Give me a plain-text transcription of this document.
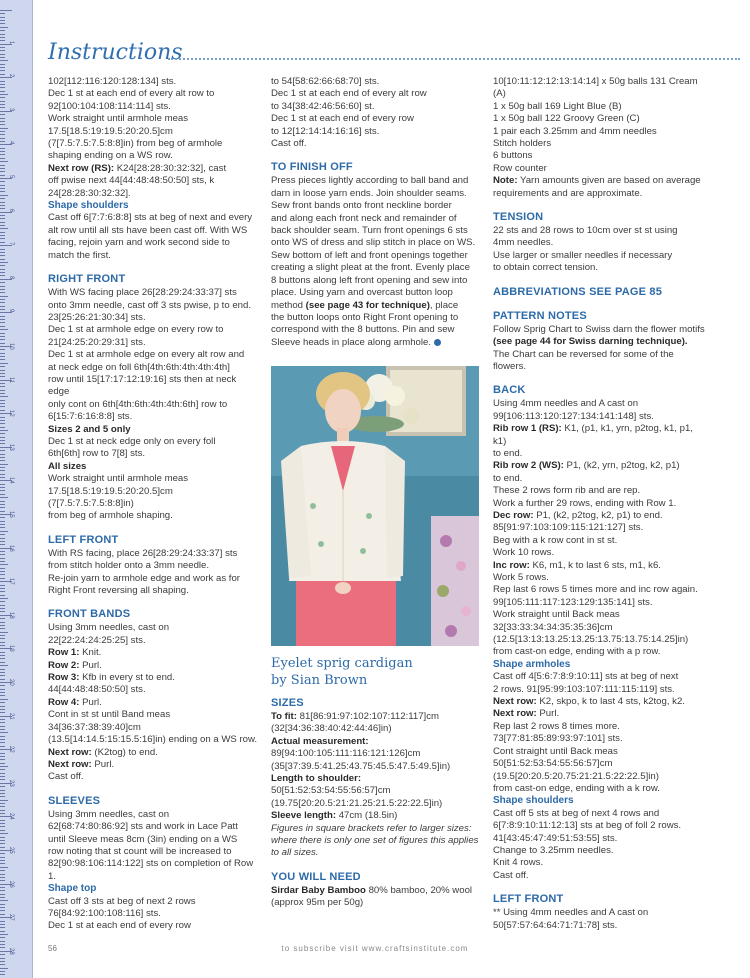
1
2
3
4
5
6
7
8
9
10
11
12
13
14
15
16
17
18
19
20
21
22
23
24
25
26
27
28
Instructions

102[112:116:120:128:134] sts.

Dec 1 st at each end of every alt row to

92[100:104:108:114:114] sts.

Work straight until armhole meas

17.5[18.5:19:19.5:20:20.5]cm

(7[7.5:7.5:7.5:8:8]in) from beg of armhole

shaping ending on a WS row.

Next row (RS): K24[28:28:30:32:32], cast

off pwise next 44[44:48:48:50:50] sts, k

24[28:28:30:32:32].

Shape shoulders

Cast off 6[7:7:6:8:8] sts at beg of next and every

alt row until all sts have been cast off. With WS

facing, rejoin yarn and work second side to

match the first.

RIGHT FRONT

With WS facing place 26[28:29:24:33:37] sts

onto 3mm needle, cast off 3 sts pwise, p to end.

23[25:26:21:30:34] sts.

Dec 1 st at armhole edge on every row to

21[24:25:20:29:31] sts.

Dec 1 st at armhole edge on every alt row and

at neck edge on foll 6th[4th:6th:4th:4th:4th]

row until 15[17:17:12:19:16] sts then at neck edge

only cont on 6th[4th:6th:4th:4th:6th] row to

6[15:7:6:16:8:8] sts.

Sizes 2 and 5 only

Dec 1 st at neck edge only on every foll

6th[6th] row to 7[8] sts.

All sizes

Work straight until armhole meas

17.5[18.5:19:19.5:20:20.5]cm (7[7.5:7.5:7.5:8:8]in)

from beg of armhole shaping.

LEFT FRONT

With RS facing, place 26[28:29:24:33:37] sts

from stitch holder onto a 3mm needle.

Re-join yarn to armhole edge and work as for

Right Front reversing all shaping.

FRONT BANDS

Using 3mm needles, cast on

22[22:24:24:25:25] sts.

Row 1: Knit.

Row 2: Purl.

Row 3: Kfb in every st to end.

44[44:48:48:50:50] sts.

Row 4: Purl.

Cont in st st until Band meas

34[36:37:38:39:40]cm

(13.5[14:14.5:15:15.5:16]in) ending on a WS row.

Next row: (K2tog) to end.

Next row: Purl.

Cast off.

SLEEVES

Using 3mm needles, cast on

62[68:74:80:86:92] sts and work in Lace Patt

until Sleeve meas 8cm (3in) ending on a WS

row noting that st count will be increased to

82[90:98:106:114:122] sts on completion of Row 1.

Shape top

Cast off 3 sts at beg of next 2 rows

76[84:92:100:108:116] sts.

Dec 1 st at each end of every row

to 54[58:62:66:68:70] sts.

Dec 1 st at each end of every alt row

to 34[38:42:46:56:60] st.

Dec 1 st at each end of every row

to 12[12:14:14:16:16] sts.

Cast off.

TO FINISH OFF

Press pieces lightly according to ball band and

darn in loose yarn ends. Join shoulder seams.

Sew front bands onto front neckline border

and along each front neck and remainder of

back shoulder seam. Turn front openings 6 sts

onto WS of dress and slip stitch in place on WS.

Sew bottom of left and front openings together

creating a slight pleat at the front. Evenly place

8 buttons along left front opening and sew into

place. Using yarn and overcast button loop

method (see page 43 for technique), place

the button loops onto Right Front opening to

correspond with the 8 buttons. Pin and sew

Sleeve heads in place along armhole.

Eyelet sprig cardigan
by Sian Brown
SIZES

To fit: 81[86:91:97:102:107:112:117]cm

(32[34:36:38:40:42:44:46]in)

Actual measurement:

89[94:100:105:111:116:121:126]cm

(35[37:39.5:41.25:43.75:45.5:47.5:49.5]in)

Length to shoulder:

50[51:52:53:54:55:56:57]cm

(19.75[20:20.5:21:21.25:21.5:22:22.5]in)

Sleeve length: 47cm (18.5in)

Figures in square brackets refer to larger sizes:

where there is only one set of figures this applies

to all sizes.

YOU WILL NEED

Sirdar Baby Bamboo 80% bamboo, 20% wool

(approx 95m per 50g)

10[10:11:12:12:13:14:14] x 50g balls 131 Cream (A)

1 x 50g ball 169 Light Blue (B)

1 x 50g ball 122 Groovy Green (C)

1 pair each 3.25mm and 4mm needles

Stitch holders

6 buttons

Row counter

Note: Yarn amounts given are based on average

requirements and are approximate.

TENSION

22 sts and 28 rows to 10cm over st st using

4mm needles.

Use larger or smaller needles if necessary

to obtain correct tension.

ABBREVIATIONS SEE PAGE 85
PATTERN NOTES

Follow Sprig Chart to Swiss darn the flower motifs

(see page 44 for Swiss darning technique).

The Chart can be reversed for some of the flowers.

BACK

Using 4mm needles and A cast on

99[106:113:120:127:134:141:148] sts.

Rib row 1 (RS): K1, (p1, k1, yrn, p2tog, k1, p1, k1)

to end.

Rib row 2 (WS): P1, (k2, yrn, p2tog, k2, p1)

to end.

These 2 rows form rib and are rep.

Work a further 29 rows, ending with Row 1.

Dec row: P1, (k2, p2tog, k2, p1) to end.

85[91:97:103:109:115:121:127] sts.

Beg with a k row cont in st st.

Work 10 rows.

Inc row: K6, m1, k to last 6 sts, m1, k6.

Work 5 rows.

Rep last 6 rows 5 times more and inc row again.

99[105:111:117:123:129:135:141] sts.

Work straight until Back meas

32[33:33:34:34:35:35:36]cm

(12.5[13:13:13.25:13.25:13.75:13.75:14.25]in)

from cast-on edge, ending with a p row.

Shape armholes

Cast off 4[5:6:7:8:9:10:11] sts at beg of next

2 rows. 91[95:99:103:107:111:115:119] sts.

Next row: K2, skpo, k to last 4 sts, k2tog, k2.

Next row: Purl.

Rep last 2 rows 8 times more.

73[77:81:85:89:93:97:101] sts.

Cont straight until Back meas

50[51:52:53:54:55:56:57]cm

(19.5[20:20.5:20.75:21:21.5:22:22.5]in)

from cast-on edge, ending with a k row.

Shape shoulders

Cast off 5 sts at beg of next 4 rows and

6[7:8:9:10:11:12:13] sts at beg of foll 2 rows.

41[43:45:47:49:51:53:55] sts.

Change to 3.25mm needles.

Knit 4 rows.

Cast off.

LEFT FRONT

** Using 4mm needles and A cast on

50[57:57:64:64:71:71:78] sts.

56	to subscribe visit www.craftsinstitute.com
